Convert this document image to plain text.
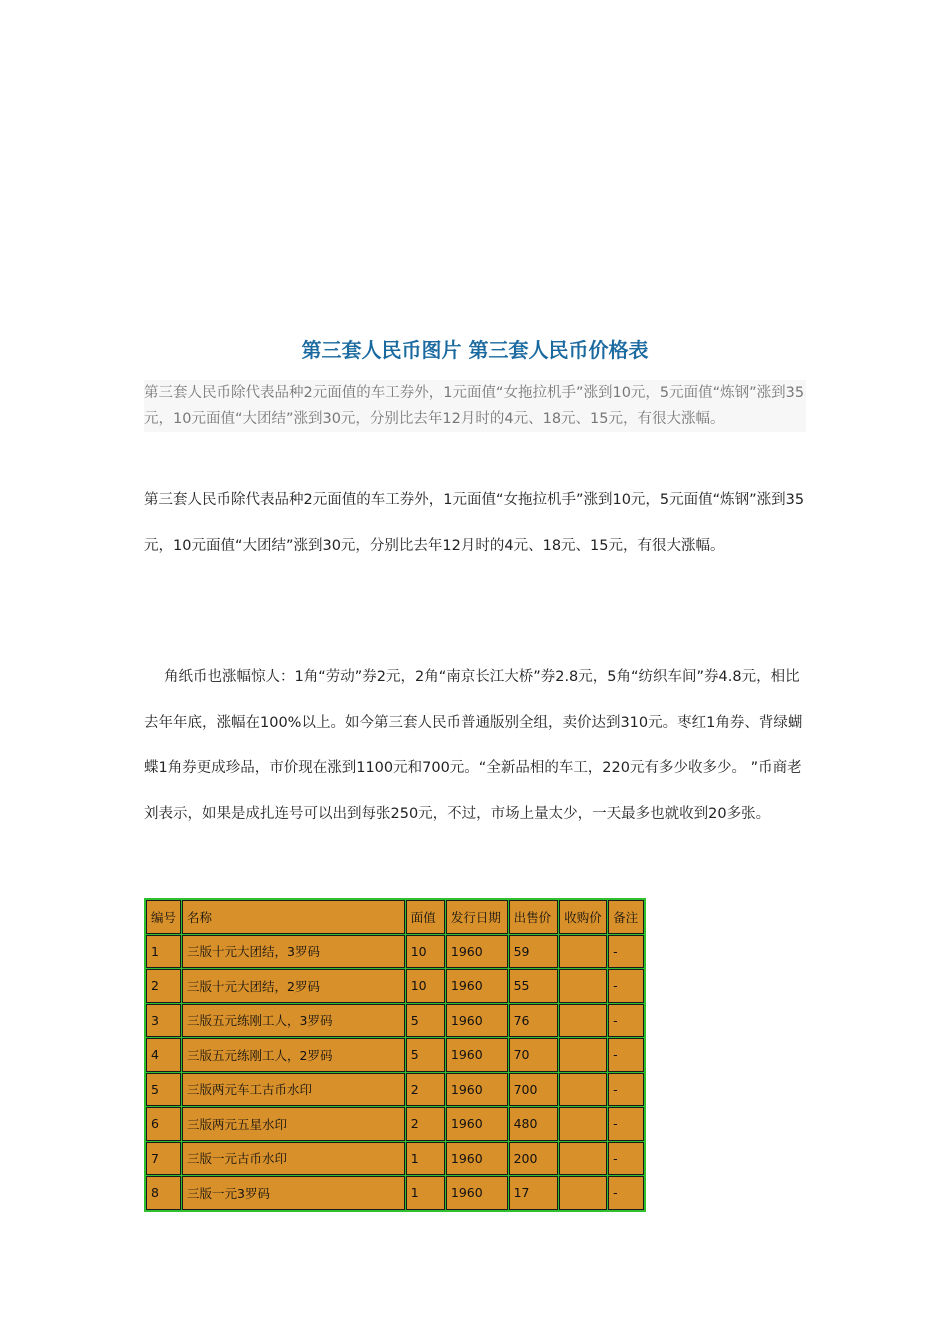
第三套人民币图片 第三套人民币价格表

第三套人民币除代表品种2元面值的车工券外，1元面值“女拖拉机手”涨到10元，5元面值“炼钢”涨到35元，10元面值“大团结”涨到30元，分别比去年12月时的4元、18元、15元，有很大涨幅。

第三套人民币除代表品种2元面值的车工券外，1元面值“女拖拉机手”涨到10元，5元面值“炼钢”涨到35元，10元面值“大团结”涨到30元，分别比去年12月时的4元、18元、15元，有很大涨幅。

角纸币也涨幅惊人：1角“劳动”券2元，2角“南京长江大桥”券2.8元，5角“纺织车间”券4.8元，相比去年年底，涨幅在100%以上。如今第三套人民币普通版别全组，卖价达到310元。枣红1角券、背绿蝴蝶1角券更成珍品，市价现在涨到1100元和700元。“全新品相的车工，220元有多少收多少。 ”币商老刘表示，如果是成扎连号可以出到每张250元，不过，市场上量太少，一天最多也就收到20多张。

编号	名称	面值	发行日期	出售价	收购价	备注
1	三版十元大团结，3罗码	10	1960	59		-
2	三版十元大团结，2罗码	10	1960	55		-
3	三版五元练刚工人，3罗码	5	1960	76		-
4	三版五元练刚工人，2罗码	5	1960	70		-
5	三版两元车工古币水印	2	1960	700		-
6	三版两元五星水印	2	1960	480		-
7	三版一元古币水印	1	1960	200		-
8	三版一元3罗码	1	1960	17		-
